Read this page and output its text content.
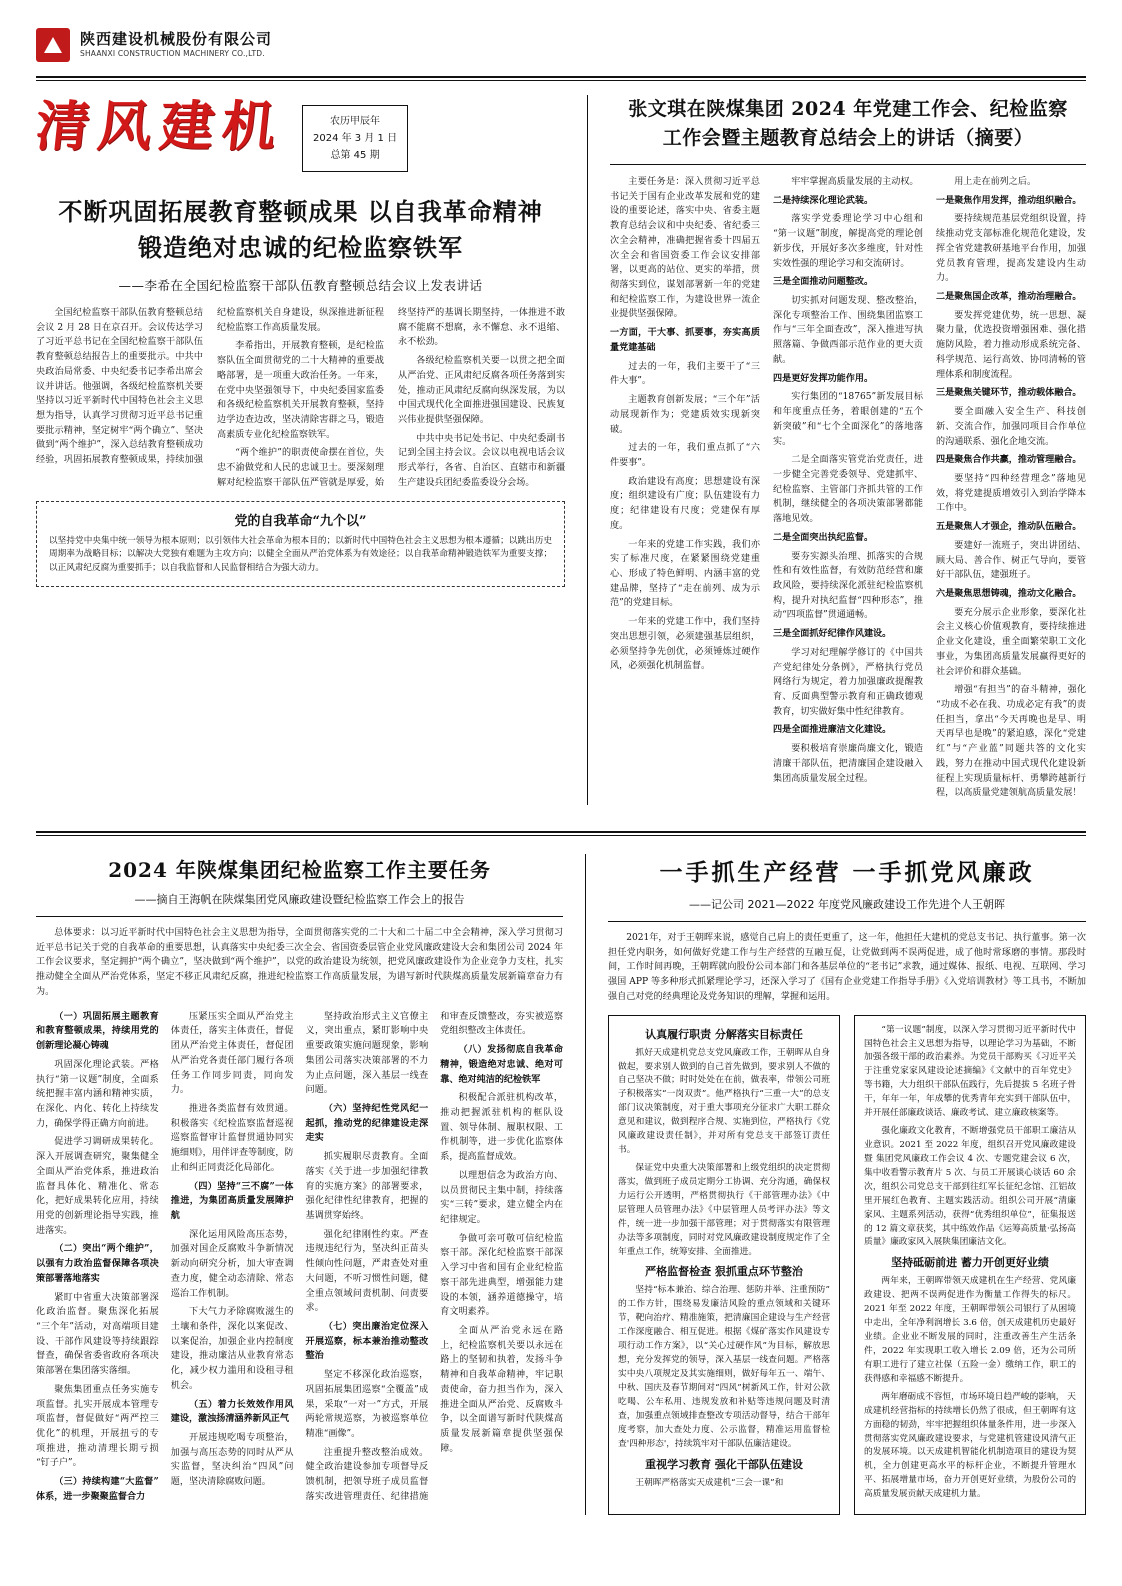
陕西建设机械股份有限公司
SHAANXI CONSTRUCTION MACHINERY CO.,LTD.
清风建机	农历甲辰年
2024 年 3 月 1 日
总第 45 期
不断巩固拓展教育整顿成果 以自我革命精神
锻造绝对忠诚的纪检监察铁军
——李希在全国纪检监察干部队伍教育整顿总结会议上发表讲话

全国纪检监察干部队伍教育整顿总结会议 2 月 28 日在京召开。会议传达学习了习近平总书记在全国纪检监察干部队伍教育整顿总结报告上的重要批示。中共中央政治局常委、中央纪委书记李希出席会议并讲话。他强调，各级纪检监察机关要坚持以习近平新时代中国特色社会主义思想为指导，认真学习贯彻习近平总书记重要批示精神，坚定树牢“两个确立”、坚决做到“两个维护”，深入总结教育整顿成功经验，巩固拓展教育整顿成果，持续加强纪检监察机关自身建设，纵深推进新征程纪检监察工作高质量发展。

李希指出，开展教育整顿，是纪检监察队伍全面贯彻党的二十大精神的重要战略部署，是一项重大政治任务。一年来，在党中央坚强领导下，中央纪委国家监委和各级纪检监察机关开展教育整顿，坚持边学边查边改，坚决清除害群之马，锻造高素质专业化纪检监察铁军。

“两个维护”的职责使命摆在首位，失忠不渝做党和人民的忠诚卫士。要深刻理解对纪检监察干部队伍严管就是厚爱，始终坚持严的基调长期坚持，一体推进不敢腐不能腐不想腐，永不懈怠、永不退缩、永不松劲。

各级纪检监察机关要一以贯之把全面从严治党、正风肃纪反腐各项任务落到实处，推动正风肃纪反腐向纵深发展，为以中国式现代化全面推进强国建设、民族复兴伟业提供坚强保障。

中共中央书记处书记、中央纪委副书记到全国主持会议。会议以电视电话会议形式举行，各省、自治区、直辖市和新疆生产建设兵团纪委监委设分会场。

党的自我革命“九个以”
以坚持党中央集中统一领导为根本原则；以引领伟大社会革命为根本目的；以新时代中国特色社会主义思想为根本遵循；以跳出历史周期率为战略目标；以解决大党独有难题为主攻方向；以健全全面从严治党体系为有效途径；以自我革命精神锻造铁军为重要支撑；以正风肃纪反腐为重要抓手；以自我监督和人民监督相结合为强大动力。
张文琪在陕煤集团 2024 年党建工作会、纪检监察
工作会暨主题教育总结会上的讲话（摘要）

主要任务是：深入贯彻习近平总书记关于国有企业改革发展和党的建设的重要论述，落实中央、省委主题教育总结会议和中央纪委、省纪委三次全会精神，准确把握省委十四届五次全会和省国资委工作会议安排部署，以更高的站位、更实的举措，贯彻落实到位，谋划部署新一年的党建和纪检监察工作，为建设世界一流企业提供坚强保障。

一方面，干大事、抓要事，夯实高质量党建基础

过去的一年，我们主要干了“三件大事”。

主题教育创新发展；“三个年”活动展现新作为；党建质效实现新突破。

过去的一年，我们重点抓了“六件要事”。

政治建设有高度；思想建设有深度；组织建设有广度；队伍建设有力度；纪律建设有尺度；党建保有厚度。

一年来的党建工作实践，我们亦实了标准尺度，在紧紧围绕党建重心、形成了特色鲜明、内涵丰富的党建品牌，坚持了“走在前列、成为示范”的党建目标。

一年来的党建工作中，我们坚持突出思想引领，必须建强基层组织，必须坚持争先创优，必须锤炼过硬作风，必须强化机制监督。

牢牢掌握高质量发展的主动权。

二是持续深化理论武装。

落实学党委理论学习中心组和“第一议题”制度，解提高党的理论创新步伐，开展好多次多维度，针对性实效性强的理论学习和交流研讨。

三是全面推动问题整改。

切实抓对问题发现、整改整治，深化专项整治工作、围绕集团监察工作与“三年全面查改”，深入推进写执照落篇、争做西部示范作业的更大贡献。

四是更好发挥功能作用。

实行集团的“18765”新发展目标和年度重点任务，着眼创建的“五个新突破”和“七个全面深化”的落地落实。

二是全面落实管党治党责任，进一步健全完善党委领导、党建抓牢、纪检监察、主管部门齐抓共管的工作机制，继续健全的各项决策部署都能落地见效。

二是全面突出执纪监督。

要夯实源头治理、抓落实的合规性和有效性监督，有效防范经营和廉政风险，要持续深化派驻纪检监察机构，提升对执纪监督“四种形态”，推动“四项监督”贯通通畅。

三是全面抓好纪律作风建设。

学习对纪理解学修订的《中国共产党纪律处分条例》，严格执行党员网络行为规定，着力加强廉政提醒教育、反面典型警示教育和正确政德观教育，切实做好集中性纪律教育。

四是全面推进廉洁文化建设。

要积极培育崇廉尚廉文化，锻造清廉干部队伍，把清廉国企建设融入集团高质量发展全过程。

用上走在前列之后。

一是聚焦作用发挥，推动组织融合。

要持续规范基层党组织设置，持续推动党支部标准化规范化建设，发挥全省党建教研基地平台作用，加强党员教育管理，提高发建设内生动力。

二是聚焦国企改革，推动治理融合。

要发挥党建优势，统一思想、凝聚力量，优选投资增强困难、强化措施防风险，着力推动形成系统完备、科学规范、运行高效、协同清畅的管理体系和制度流程。

三是聚焦关键环节，推动载体融合。

要全面融入安全生产、科技创新、交流合作，加强同项目合作单位的沟通联系、强化企地交流。

四是聚焦合作共赢，推动管理融合。

要坚持“四种经营理念”落地见效，将党建提质增效引入到治学降本工作中。

五是聚焦人才强企，推动队伍融合。

要建好一流班子，突出讲团结、顾大局、善合作、树正气导向，要管好干部队伍，建强班子。

六是聚焦思想铸魂，推动文化融合。

要充分展示企业形象，要深化社会主义核心价值观教育，要持续推进企业文化建设，重全面繁荣职工文化事业，为集团高质量发展赢得更好的社会评价和群众基础。

增强“有担当”的奋斗精神，强化“功成不必在我、功成必定有我”的责任担当，拿出“今天再晚也是早、明天再早也是晚”的紧迫感，深化“党建红”与“产业蓝”同题共答的文化实践，努力在推动中国式现代化建设新征程上实现质量标杆、勇攀跨越新行程，以高质量党建领航高质量发展！

2024 年陕煤集团纪检监察工作主要任务
——摘自王海帆在陕煤集团党风廉政建设暨纪检监察工作会上的报告

总体要求：以习近平新时代中国特色社会主义思想为指导，全面贯彻落实党的二十大和二十届二中全会精神，深入学习贯彻习近平总书记关于党的自我革命的重要思想，认真落实中央纪委三次全会、省国资委层管企业党风廉政建设大会和集团公司 2024 年工作会议要求，坚定拥护“两个确立”，坚决做到“两个维护”，以党的政治建设为统领，把党风廉政建设作为企业竞争力支柱，扎实推动健全全面从严治党体系，坚定不移正风肃纪反腐，推进纪检监察工作高质量发展，为谱写新时代陕煤高质量发展新篇章奋力有为。

（一）巩固拓展主题教育和教育整顿成果，持续用党的创新理论凝心铸魂

巩固深化理论武装。严格执行“第一议题”制度，全面系统把握丰富内涵和精神实质，在深化、内化、转化上持续发力，确保学得正确方向前进。

促进学习调研成果转化。深入开展调查研究，聚集健全全面从严治党体系，推进政治监督具体化、精准化、常态化，把好成果转化应用，持续用党的创新理论指导实践，推进落实。

（二）突出“两个维护”，以强有力政治监督保障各项决策部署落地落实

紧盯中省重大决策部署深化政治监督。聚焦深化拓展“三个年”活动，对高端项目建设、干部作风建设等持续跟踪督查，确保省委省政府各项决策部署在集团落实落细。

聚焦集团重点任务实施专项监督。扎实开展成本管理专项监督，督促做好“两严控三优化”的机理，开展扭亏的专项推进，推动清理长期亏损“钉子户”。

（三）持续构建“大监督”体系，进一步聚聚监督合力

压紧压实全面从严治党主体责任，落实主体责任，督促团从严治党主体责任，督促团从严治党各责任部门履行各项任务工作同步同责，同向发力。

推进各类监督有效贯通。积极落实《纪检监察监督巡视巡察监督审计监督贯通协同实施细则》，用伴评查等制度，防止和纠正同责泛化局部化。

（四）坚持“三不腐”一体推进，为集团高质量发展障护航

深化运用风险高压态势，加强对国企反腐败斗争新情况新动向研究分析，加大审查调查力度，健全动态清除、常态巡治工作机制。

下大气力矛除腐败滋生的土壤和条件，深化以案促改、以案促治，加强企业内控制度建设，推动廉洁从业教育常态化，减少权力滥用和设租寻租机会。

（五）着力长效效作用风建设，激浊扬清涵养新风正气

开展违规吃喝专项整治，加强与高压态势的同时从严从实监督，坚决纠治“四风”问题，坚决清除腐败问题。

坚持政治形式主义官僚主义，突出重点，紧盯影响中央重要政策实施问题现象，影响集团公司落实决策部署的不力为止点问题，深入基层一线查问题。

（六）坚持纪性党风纪一起抓，推动党的纪律建设走深走实

抓实履职尽责教育。全面落实《关于进一步加强纪律教育的实施方案》的部署要求，强化纪律性纪律教育，把握的基调贯穿始终。

强化纪律刚性约束。严查违规违纪行为，坚决纠正苗头性倾向性问题，严肃查处对重大问题，不听习惯性问题，健全重点领域问责机制、问责要求。

（七）突出廉治定位深入开展巡察，标本兼治推动整改整治

坚定不移深化政治巡察，巩固拓展集团巡察“全覆盖”成果，采取“一对一”方式，开展两轮常规巡察，为被巡察单位精准“画像”。

注重提升整改整治成效。健全政治建设参加专项督导反馈机制，把领导班子成员监督落实改进管理责任、纪律措施和审查反馈整改，夯实被巡察党组织整改主体责任。

（八）发扬彻底自我革命精神，锻造绝对忠诚、绝对可靠、绝对纯洁的纪检铁军

积极配合派驻机构改革，推动把握派驻机构的框队设置、领导体制、履职权限、工作机制等，进一步优化监察体系，提高监督成效。

以理想信念为政治方向、以员贯彻民主集中制，持续落实“三转”要求，建立健全内在纪律规定。

争做可亲可敬可信纪检监察干部。深化纪检监察干部深入学习中省和国有企业纪检监察干部先进典型，增强能力建设的本领，涵养道德操守，培育文明素养。

全面从严治党永远在路上，纪检监察机关要以永远在路上的坚韧和执着，发扬斗争精神和自我革命精神，牢记职责使命，奋力担当作为，深入推进全面从严治党、反腐败斗争，以全面谱写新时代陕煤高质量发展新篇章提供坚强保障。

一手抓生产经营 一手抓党风廉政
——记公司 2021—2022 年度党风廉政建设工作先进个人王朝晖

2021年，对于王朝晖来说，感觉自己肩上的责任更重了，这一年，他担任大建机的党总支书记、执行董事。第一次担任党内职务，如何做好党建工作与生产经营的互融互促，让党做到两不误两促进，成了他时常琢磨的事情。那段时间，工作时间再晚，王朝晖就向股份公司本部门和各基层单位的“老书记”求教，通过媒体、报纸、电视、互联网、学习强国 APP 等多种形式抓紧理论学习，还深入学习了《国有企业党建工作指导手册》《入党培训教材》等工具书，不断加强自己对党的经典理论及党务知识的理解，掌握和运用。

认真履行职责 分解落实目标责任

抓好天成建机党总支党风廉政工作，王朝晖从自身做起，要求别人做到的自己首先做到，要求别人不做的自己坚决不做；时时处处在在前，做表率，带领公司班子积极落实“一岗双责”。他严格执行“三重一大”的总支部门议决策制度，对于重大事项充分征求广大职工群众意见和建议，做到程序合规、实施到位，严格执行《党风廉政建设责任制》，并对所有党总支干部签订责任书。

保证党中央重大决策部署和上级党组织的决定贯彻落实，做到班子成员定期分工协调、充分沟通，确保权力运行公开透明，严格贯彻执行《干部管理办法》《中层管理人员管理办法》《中层管理人员考评办法》等文件，统一进一步加强干部管理；对于贯彻落实有限管理办法等多项制度，同时对党风廉政建设制度规定作了全年重点工作，统筹安排、全面推进。

严格监督检查 狠抓重点环节整治

坚持“标本兼治、综合治理、惩防并举、注重预防”的工作方针，围绕易发廉洁风险的重点领域和关键环节，靶向治疗、精准施策，把清廉国企建设与生产经营工作深度融合、相互促进。根据《煤矿落实作风建设专项行动工作方案》，以“关心过硬作风”为目标，解放思想，充分发挥党的领导，深入基层一线查问题。严格落实中央八项规定及其实施细则，做好每年五一、端午、中秋、国庆及春节期间对“四风”树新风工作，针对公款吃喝、公车私用、违规发放和补贴等违规问题及时清查，加强重点领域排查整改专项活动督导，结合干部年度考察，加大查处力度、公示监督，精准运用监督检查'四种形态'，持续筑牢对干部队伍廉洁建设。

重视学习教育 强化干部队伍建设

王朝晖严格落实天成建机“三会一课”和

“第一议题”制度，以深入学习贯彻习近平新时代中国特色社会主义思想为指导，以理论学习为基础，不断加强各级干部的政治素养。为党员干部购买《习近平关于注重党家家风建设论述摘编》《文献中的百年党史》等书籍，大力组织干部队伍践行，先后提拔 5 名班子骨干，年年一年，年成攀的优秀青年充实到干部队伍中，并开展任部廉政谈话、廉政考试、建立廉政核案等。

强化廉政文化教育，不断增强党员干部职工廉洁从业意识。2021 至 2022 年度，组织召开党风廉政建设 暨 集团党风廉政工作会议 4 次、专题党建会议 6 次，集中收看警示教育片 5 次、与员工开展谈心谈话 60 余次，组织公司党总支干部到往红军长征纪念馆、江铝故里开展红色教育、主题实践活动。组织公司开展“清廉家风、主题系列活动，获得“优秀组织单位”，征集报送的 12 篇文章获奖，其中练效作品《运筹高质量·弘扬高质量》廉政家风入展陕集团廉洁文化。

坚持砥砺前进 蓄力开创更好业绩

两年来，王朝晖带领天成建机在生产经营、党风廉政建设、把两不误两促进作为衡量工作得失的标尺。2021 年至 2022 年度，王朝晖带领公司银行了从困境中走出，全年净利润增长 3.6 倍，创天成建机历史最好业绩。企业业不断发展的同时，注重改善生产生活条件，2022 年实现职工收入增长 2.09 倍，还为公司所有职工进行了建立社保（五险一金）缴纳工作，职工的获得感和幸福感不断提升。

两年磨砺成不容恒，市场环境日趋严峻的影响， 天成建机经营指标的持续增长仍然了很成，但王朝晖有这方面稳的韧劲，牢牢把握组织体量条件用，进一步深入贯彻落实党风廉政建设要求，与党建机管建设风清气正的发展环境。以天成建机智能化机制造项目的建设为契机，全力创建更高水平的标杆企业，不断提升管理水平、拓展增量市场，奋力开创更好业绩，为股份公司的高质量发展贡献天成建机力量。
